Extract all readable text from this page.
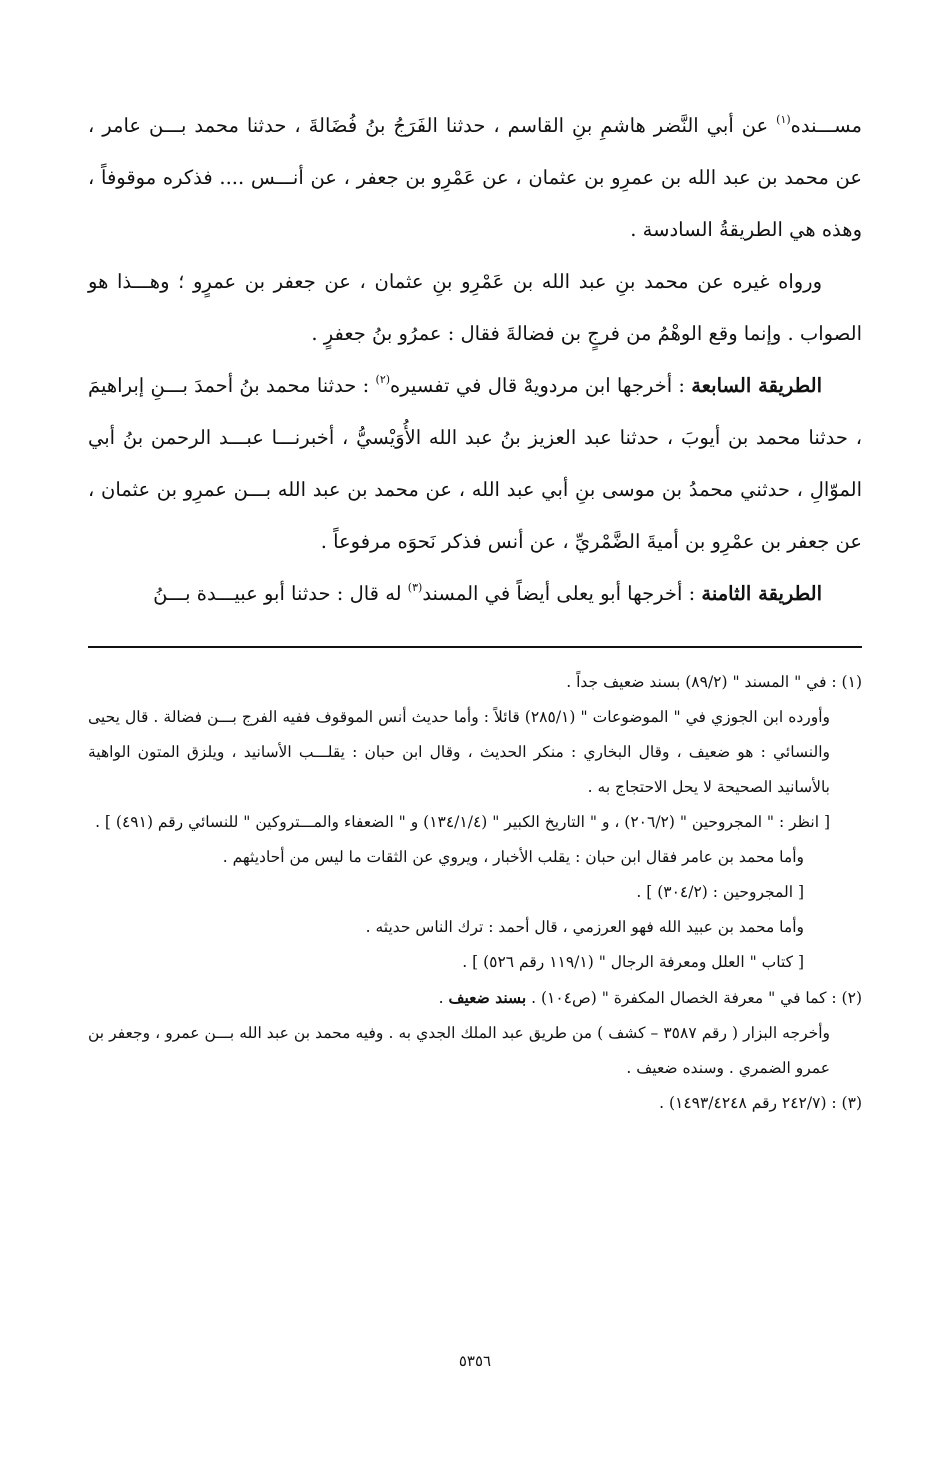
مســـنده$^{(١)}$ عن أبي النَّضر هاشمِ بنِ القاسم ، حدثنا الفَرَجُ بنُ فُضَالةَ ، حدثنا محمد بـــن عامر ، عن محمد بن عبد الله بن عمرِو بن عثمان ، عن عَمْرِو بن جعفر ، عن أنـــس .... فذكره موقوفاً ، وهذه هي الطريقةُ السادسة .

ورواه غيره عن محمد بنِ عبد الله بن عَمْرِو بنِ عثمان ، عن جعفر بن عمرٍو ؛ وهـــذا هو الصواب . وإنما وقع الوهْمُ من فرجٍ بن فضالةَ فقال : عمرُو بنُ جعفرٍ .

الطريقة السابعة : أخرجها ابن مردويهْ قال في تفسيره$^{(٢)}$ : حدثنا محمد بنُ أحمدَ بـــنِ إبراهيمَ ، حدثنا محمد بن أيوبَ ، حدثنا عبد العزيز بنُ عبد الله الأُوَيْسيُّ ، أخبرنـــا عبـــد الرحمن بنُ أبي الموّالِ ، حدثني محمدُ بن موسى بنِ أبي عبد الله ، عن محمد بن عبد الله بـــن عمرِو بن عثمان ، عن جعفر بن عمْرِو بن أميةَ الضَّمْريِّ ، عن أنس فذكر نَحوَه مرفوعاً .

الطريقة الثامنة : أخرجها أبو يعلى أيضاً في المسند$^{(٣)}$ له قال : حدثنا أبو عبيـــدة بـــنُ

(١) : في " المسند " (٨٩/٢) بسند ضعيف جداً .

وأورده ابن الجوزي في " الموضوعات " (٢٨٥/١) قائلاً : وأما حديث أنس الموقوف ففيه الفرج بـــن فضالة . قال يحيى والنسائي : هو ضعيف ، وقال البخاري : منكر الحديث ، وقال ابن حبان : يقلـــب الأسانيد ، ويلزق المتون الواهية بالأسانيد الصحيحة لا يحل الاحتجاج به .

[ انظر : " المجروحين " (٢٠٦/٢) ، و " التاريخ الكبير " (١٣٤/١/٤) و " الضعفاء والمـــتروكين " للنسائي رقم (٤٩١) ] .

وأما محمد بن عامر فقال ابن حبان : يقلب الأخبار ، ويروي عن الثقات ما ليس من أحاديثهم .

[ المجروحين : (٣٠٤/٢) ] .

وأما محمد بن عبيد الله فهو العرزمي ، قال أحمد : ترك الناس حديثه .

[ كتاب " العلل ومعرفة الرجال " (١١٩/١ رقم ٥٢٦) ] .

(٢) : كما في " معرفة الخصال المكفرة " (ص١٠٤) . بسند ضعيف .

وأخرجه البزار ( رقم ٣٥٨٧ – كشف ) من طريق عبد الملك الجدي به . وفيه محمد بن عبد الله بـــن عمرو ، وجعفر بن عمرو الضمري . وسنده ضعيف .

(٣) : (٢٤٢/٧ رقم ١٤٩٣/٤٢٤٨) .

٥٣٥٦
